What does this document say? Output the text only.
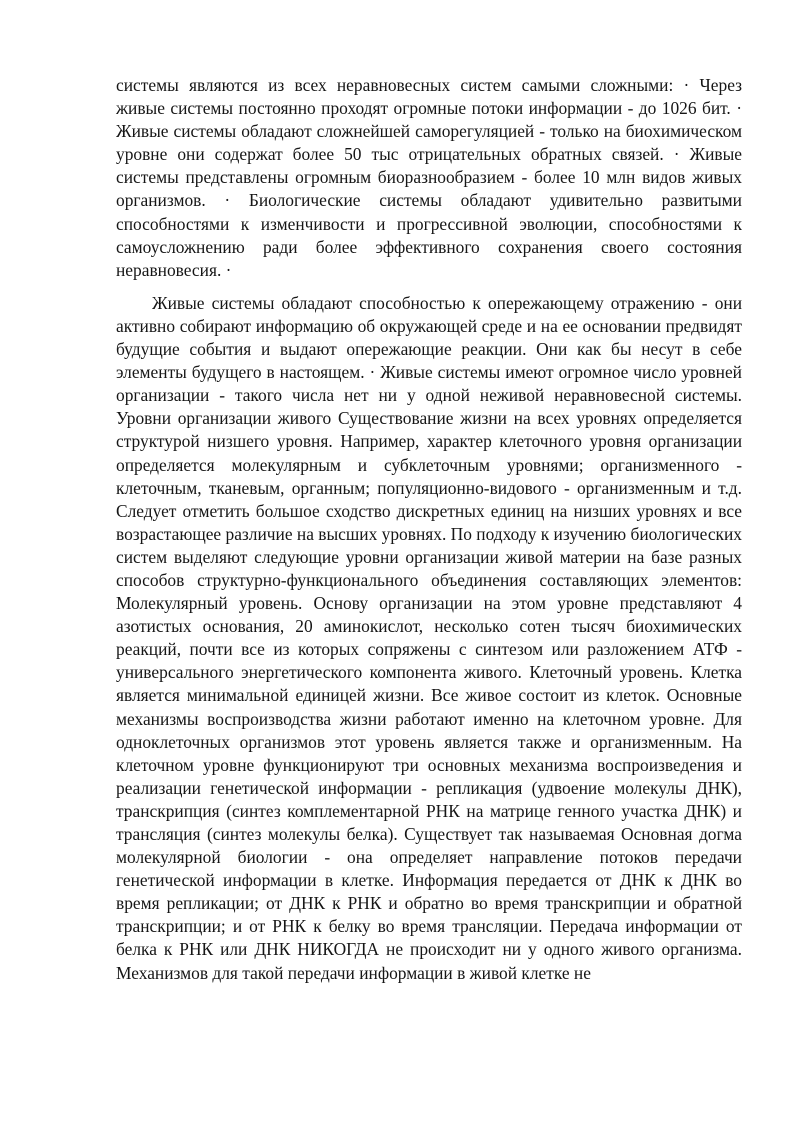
системы являются из всех неравновесных систем самыми сложными: · Через живые системы постоянно проходят огромные потоки информации - до 1026 бит. · Живые системы обладают сложнейшей саморегуляцией - только на биохимическом уровне они содержат более 50 тыс отрицательных обратных связей. · Живые системы представлены огромным биоразнообразием - более 10 млн видов живых организмов. · Биологические системы обладают удивительно развитыми способностями к изменчивости и прогрессивной эволюции, способностями к самоусложнению ради более эффективного сохранения своего состояния неравновесия. ·

Живые системы обладают способностью к опережающему отражению - они активно собирают информацию об окружающей среде и на ее основании предвидят будущие события и выдают опережающие реакции. Они как бы несут в себе элементы будущего в настоящем. · Живые системы имеют огромное число уровней организации - такого числа нет ни у одной неживой неравновесной системы. Уровни организации живого Существование жизни на всех уровнях определяется структурой низшего уровня. Например, характер клеточного уровня организации определяется молекулярным и субклеточным уровнями; организменного - клеточным, тканевым, органным; популяционно-видового - организменным и т.д. Следует отметить большое сходство дискретных единиц на низших уровнях и все возрастающее различие на высших уровнях. По подходу к изучению биологических систем выделяют следующие уровни организации живой материи на базе разных способов структурно-функционального объединения составляющих элементов: Молекулярный уровень. Основу организации на этом уровне представляют 4 азотистых основания, 20 аминокислот, несколько сотен тысяч биохимических реакций, почти все из которых сопряжены с синтезом или разложением АТФ - универсального энергетического компонента живого. Клеточный уровень. Клетка является минимальной единицей жизни. Все живое состоит из клеток. Основные механизмы воспроизводства жизни работают именно на клеточном уровне. Для одноклеточных организмов этот уровень является также и организменным. На клеточном уровне функционируют три основных механизма воспроизведения и реализации генетической информации - репликация (удвоение молекулы ДНК), транскрипция (синтез комплементарной РНК на матрице генного участка ДНК) и трансляция (синтез молекулы белка). Существует так называемая Основная догма молекулярной биологии - она определяет направление потоков передачи генетической информации в клетке. Информация передается от ДНК к ДНК во время репликации; от ДНК к РНК и обратно во время транскрипции и обратной транскрипции; и от РНК к белку во время трансляции. Передача информации от белка к РНК или ДНК НИКОГДА не происходит ни у одного живого организма. Механизмов для такой передачи информации в живой клетке не
